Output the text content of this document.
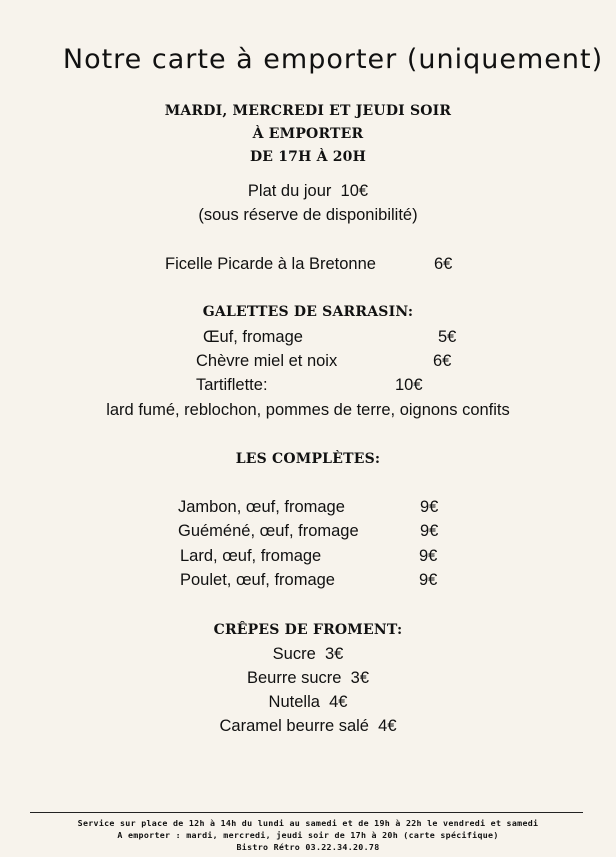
Notre carte à emporter (uniquement)
MARDI, MERCREDI ET JEUDI SOIR
À EMPORTER
DE 17H À 20H
Plat du jour 10€
(sous réserve de disponibilité)
Ficelle Picarde à la Bretonne	6€
GALETTES DE SARRASIN:
Œuf, fromage	5€
Chèvre miel et noix	6€
Tartiflette:	10€
lard fumé, reblochon, pommes de terre, oignons confits
LES COMPLÈTES:
Jambon, œuf, fromage	9€
Guéméné, œuf, fromage	9€
Lard, œuf, fromage	9€
Poulet, œuf, fromage	9€
CRÊPES DE FROMENT:
Sucre 3€
Beurre sucre 3€
Nutella 4€
Caramel beurre salé 4€
Service sur place de 12h à 14h du lundi au samedi et de 19h à 22h le vendredi et samedi
A emporter : mardi, mercredi, jeudi soir de 17h à 20h (carte spécifique)
Bistro Rétro 03.22.34.20.78
